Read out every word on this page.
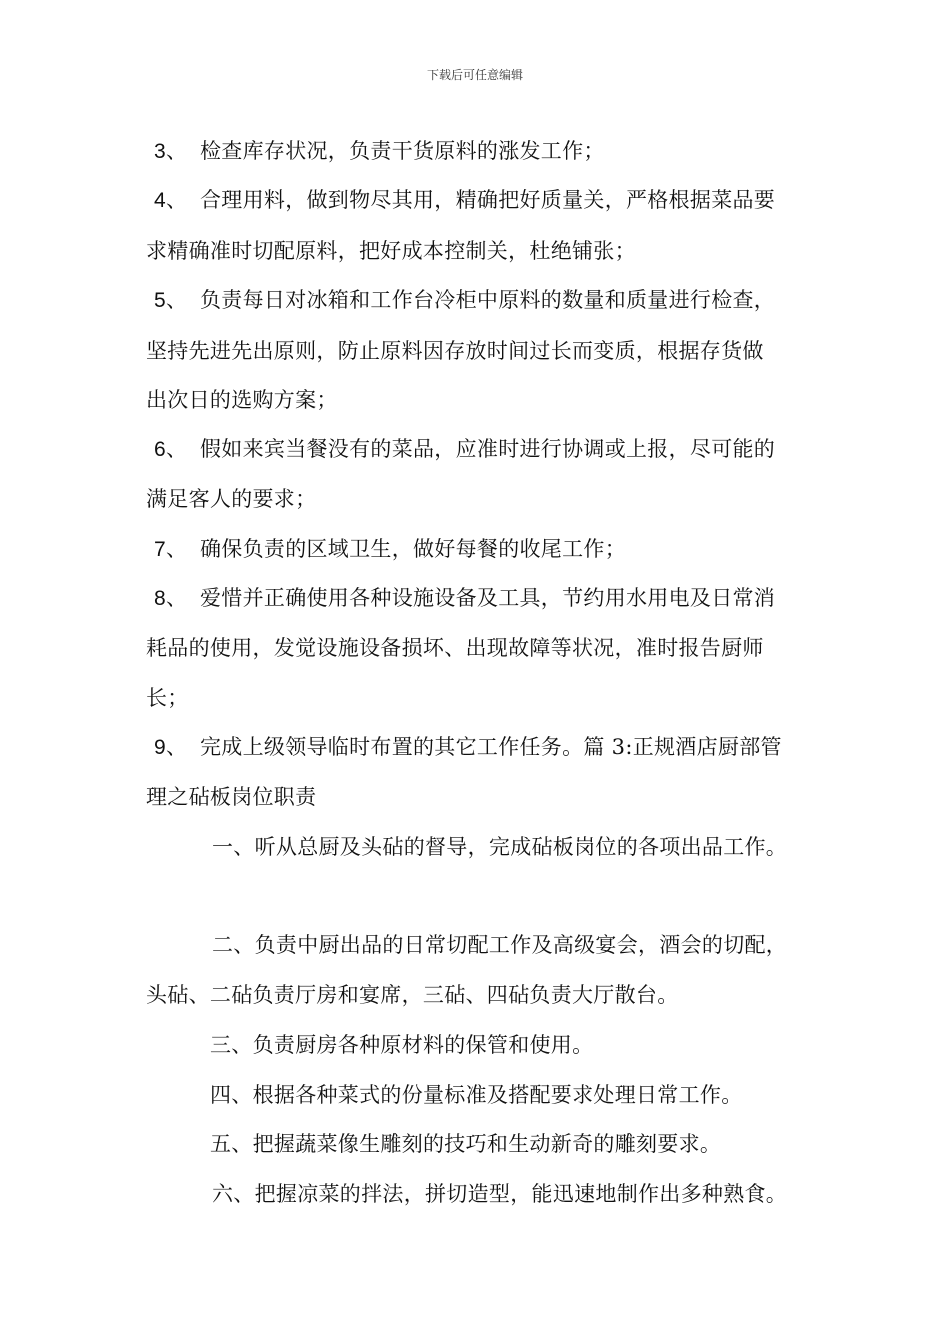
下载后可任意编辑
3、 检查库存状况，负责干货原料的涨发工作；
4、 合理用料，做到物尽其用，精确把好质量关，严格根据菜品要
求精确准时切配原料，把好成本控制关，杜绝铺张；
5、 负责每日对冰箱和工作台冷柜中原料的数量和质量进行检查，
坚持先进先出原则，防止原料因存放时间过长而变质，根据存货做
出次日的选购方案；
6、 假如来宾当餐没有的菜品，应准时进行协调或上报，尽可能的
满足客人的要求；
7、 确保负责的区域卫生，做好每餐的收尾工作；
8、 爱惜并正确使用各种设施设备及工具，节约用水用电及日常消
耗品的使用，发觉设施设备损坏、出现故障等状况，准时报告厨师
长；
9、 完成上级领导临时布置的其它工作任务。篇 3:正规酒店厨部管
理之砧板岗位职责
一、听从总厨及头砧的督导，完成砧板岗位的各项出品工作。
二、负责中厨出品的日常切配工作及高级宴会，酒会的切配，
头砧、二砧负责厅房和宴席，三砧、四砧负责大厅散台。
三、负责厨房各种原材料的保管和使用。
四、根据各种菜式的份量标准及搭配要求处理日常工作。
五、把握蔬菜像生雕刻的技巧和生动新奇的雕刻要求。
六、把握凉菜的拌法，拼切造型，能迅速地制作出多种熟食。
